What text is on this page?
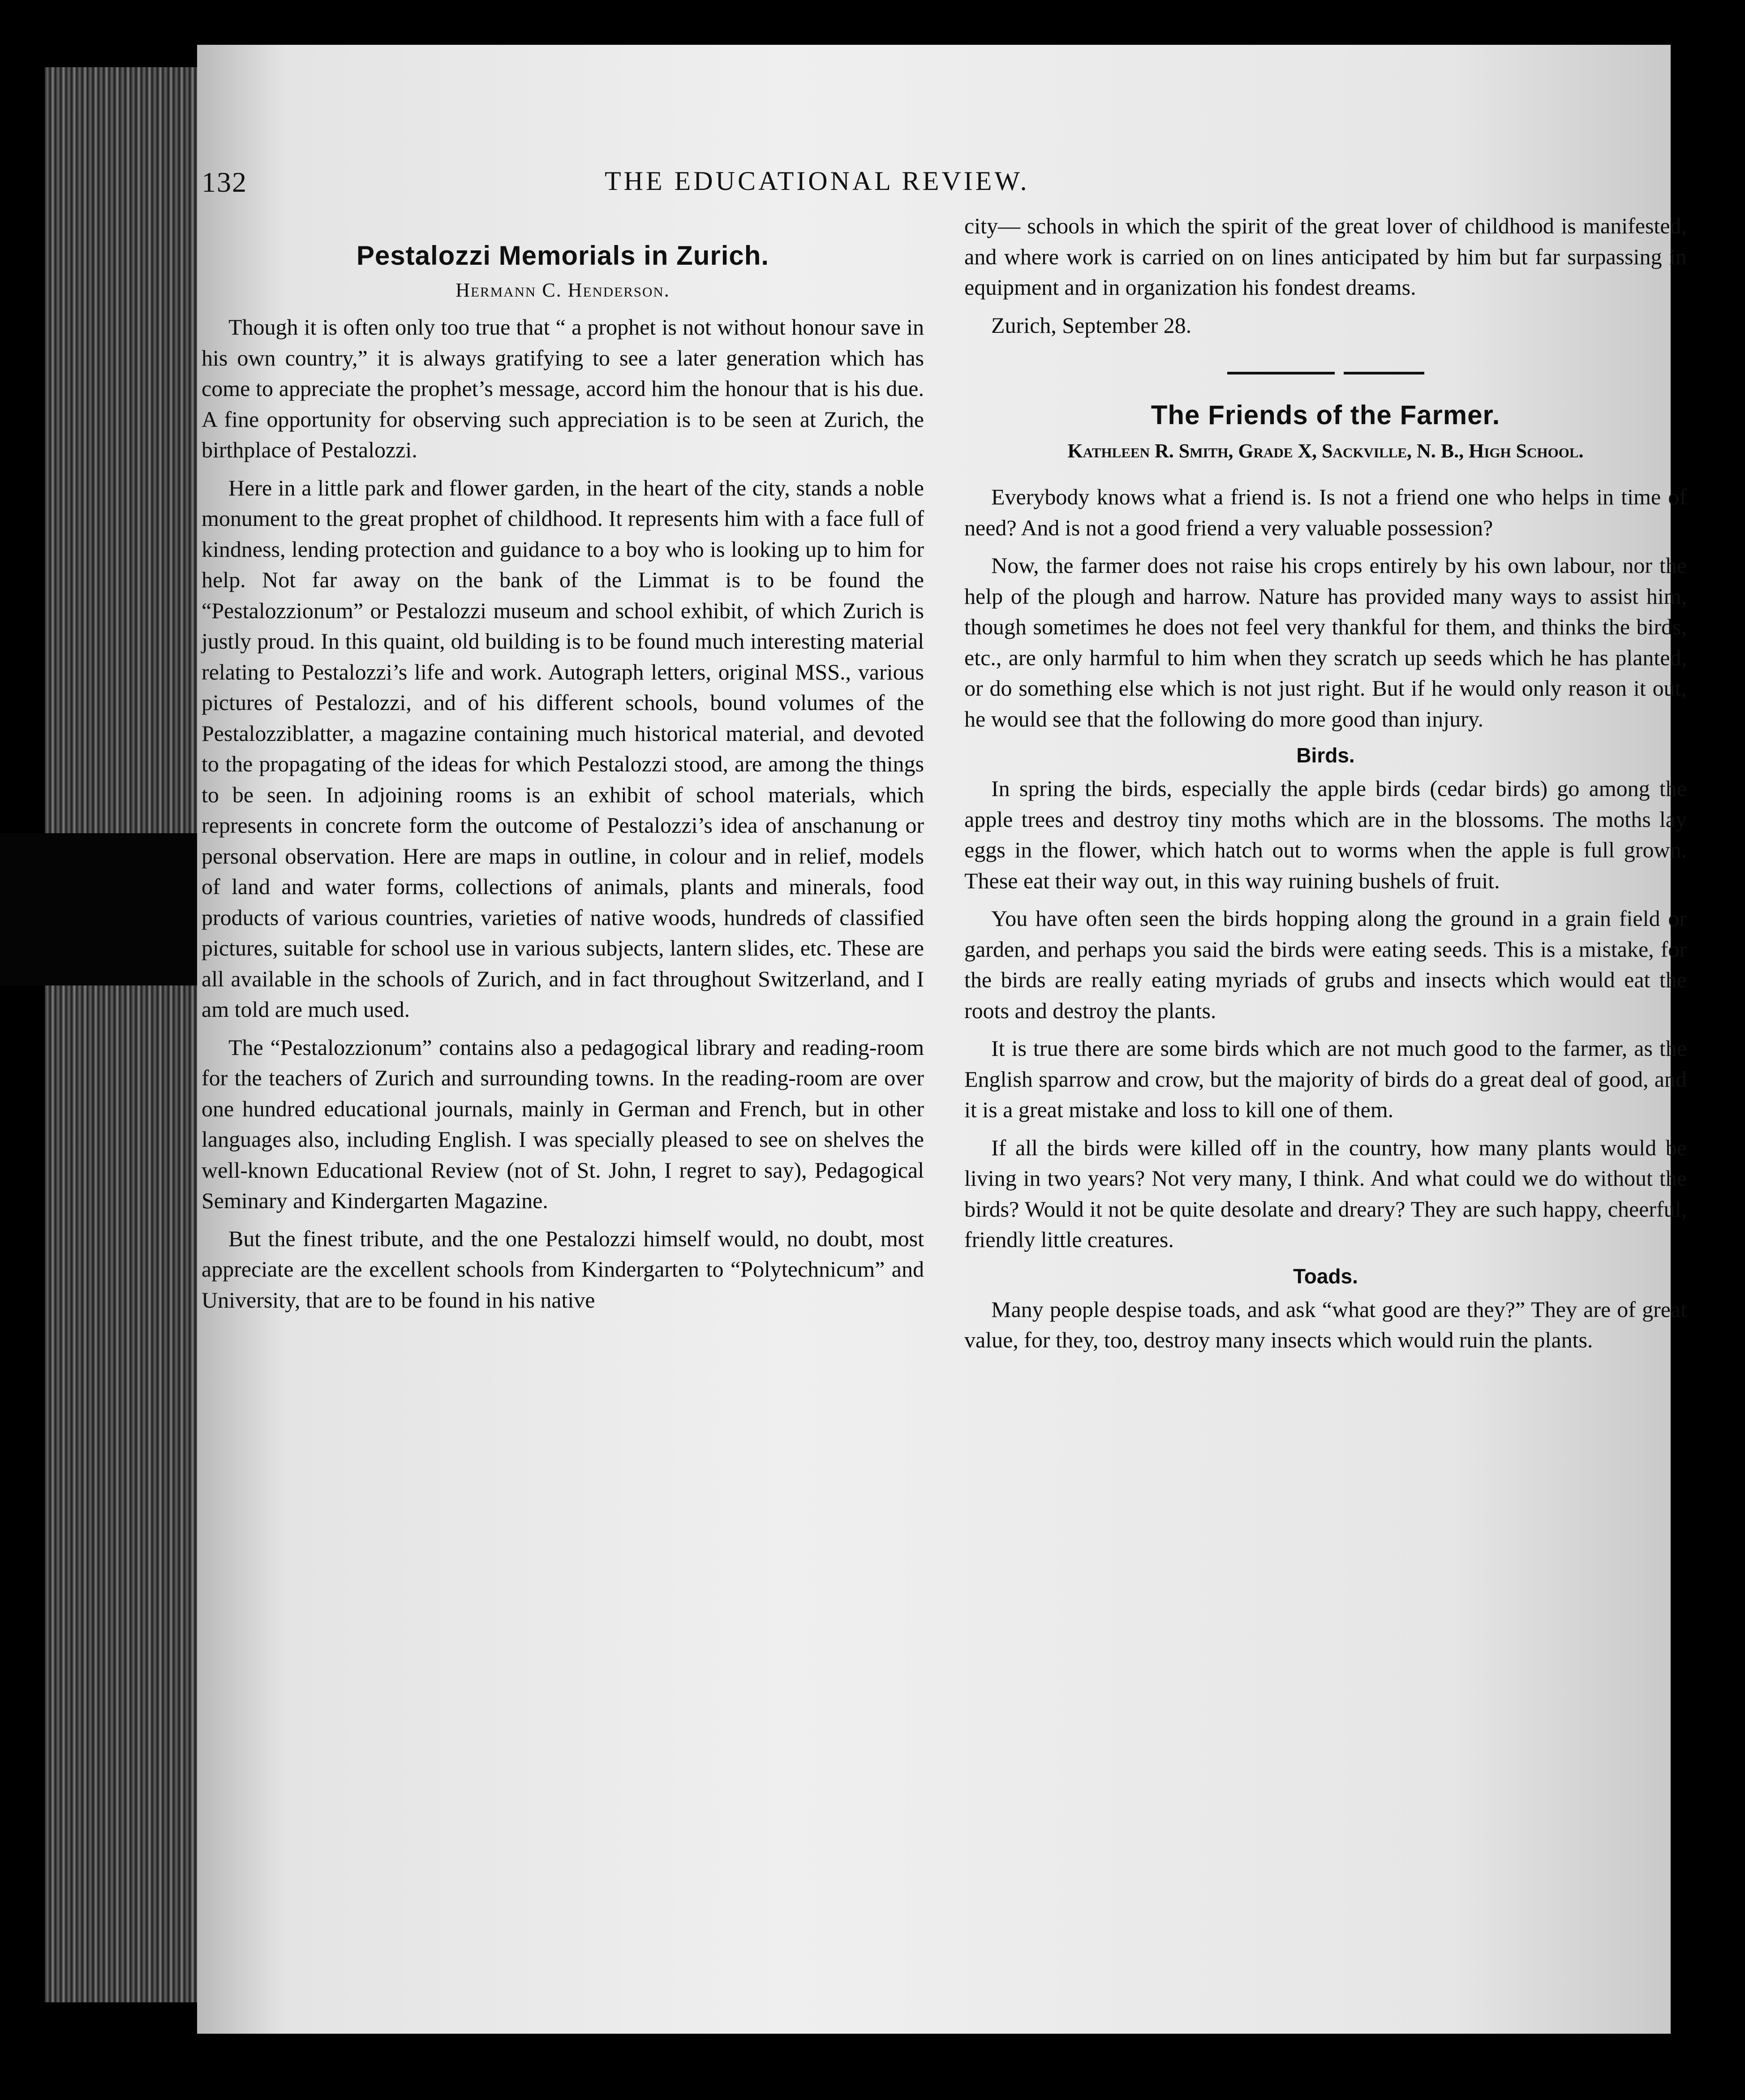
132	THE EDUCATIONAL REVIEW.
Pestalozzi Memorials in Zurich.
Hermann C. Henderson.

Though it is often only too true that “ a prophet is not without honour save in his own country,” it is always gratifying to see a later generation which has come to appreciate the prophet’s message, accord him the honour that is his due. A fine opportunity for observing such appreciation is to be seen at Zurich, the birthplace of Pestalozzi.

Here in a little park and flower garden, in the heart of the city, stands a noble monument to the great prophet of childhood. It represents him with a face full of kindness, lending protection and guidance to a boy who is looking up to him for help. Not far away on the bank of the Limmat is to be found the “Pestalozzionum” or Pestalozzi museum and school exhibit, of which Zurich is justly proud. In this quaint, old building is to be found much interesting material relating to Pestalozzi’s life and work. Autograph letters, original MSS., various pictures of Pestalozzi, and of his different schools, bound volumes of the Pestalozziblatter, a magazine containing much historical material, and devoted to the propagating of the ideas for which Pestalozzi stood, are among the things to be seen. In adjoining rooms is an exhibit of school materials, which represents in concrete form the outcome of Pestalozzi’s idea of anschanung or personal observation. Here are maps in outline, in colour and in relief, models of land and water forms, collections of animals, plants and minerals, food products of various countries, varieties of native woods, hundreds of classified pictures, suitable for school use in various subjects, lantern slides, etc. These are all available in the schools of Zurich, and in fact throughout Switzerland, and I am told are much used.

The “Pestalozzionum” contains also a pedagogical library and reading-room for the teachers of Zurich and surrounding towns. In the reading-room are over one hundred educational journals, mainly in German and French, but in other languages also, including English. I was specially pleased to see on shelves the well-known Educational Review (not of St. John, I regret to say), Pedagogical Seminary and Kindergarten Magazine.

But the finest tribute, and the one Pestalozzi himself would, no doubt, most appreciate are the excellent schools from Kindergarten to “Polytechnicum” and University, that are to be found in his native

city— schools in which the spirit of the great lover of childhood is manifested, and where work is carried on on lines anticipated by him but far surpassing in equipment and in organization his fondest dreams.

Zurich, September 28.

The Friends of the Farmer.
Kathleen R. Smith, Grade X, Sackville, N. B., High School.

Everybody knows what a friend is. Is not a friend one who helps in time of need? And is not a good friend a very valuable possession?

Now, the farmer does not raise his crops entirely by his own labour, nor the help of the plough and harrow. Nature has provided many ways to assist him, though sometimes he does not feel very thankful for them, and thinks the birds, etc., are only harmful to him when they scratch up seeds which he has planted, or do something else which is not just right. But if he would only reason it out, he would see that the following do more good than injury.

Birds.

In spring the birds, especially the apple birds (cedar birds) go among the apple trees and destroy tiny moths which are in the blossoms. The moths lay eggs in the flower, which hatch out to worms when the apple is full grown. These eat their way out, in this way ruining bushels of fruit.

You have often seen the birds hopping along the ground in a grain field or garden, and perhaps you said the birds were eating seeds. This is a mistake, for the birds are really eating myriads of grubs and insects which would eat the roots and destroy the plants.

It is true there are some birds which are not much good to the farmer, as the English sparrow and crow, but the majority of birds do a great deal of good, and it is a great mistake and loss to kill one of them.

If all the birds were killed off in the country, how many plants would be living in two years? Not very many, I think. And what could we do without the birds? Would it not be quite desolate and dreary? They are such happy, cheerful, friendly little creatures.

Toads.

Many people despise toads, and ask “what good are they?” They are of great value, for they, too, destroy many insects which would ruin the plants.
